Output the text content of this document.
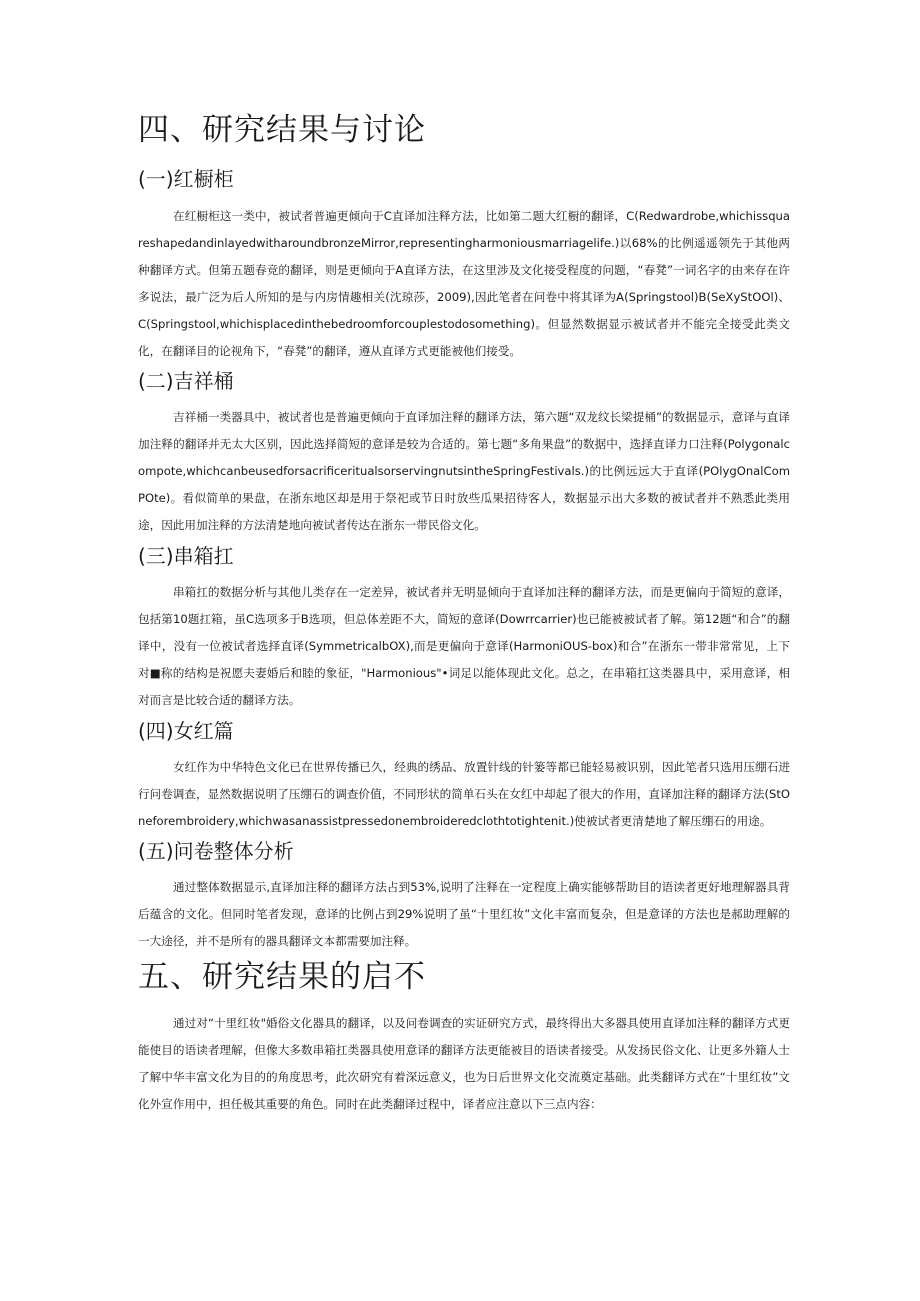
四、研究结果与讨论
(一)红橱柜

在红橱柜这一类中，被试者普遍更倾向于C直译加注释方法，比如第二题大红橱的翻译，C(Redwardrobe,whichissquareshapedandinlayedwitharoundbronzeMirror,representingharmoniousmarriagelife.)以68%的比例遥遥领先于其他两种翻译方式。但第五题春竞的翻译，则是更倾向于A直译方法，在这里涉及文化接受程度的问题，“春凳”一词名字的由来存在许多说法，最广泛为后人所知的是与内房情趣相关(沈琼莎，2009),因此笔者在问卷中将其译为A(Springstool)B(SeXyStOOl)、C(Springstool,whichisplacedinthebedroomforcouplestodosomething)。但显然数据显示被试者并不能完全接受此类文化，在翻译目的论视角下，“春凳”的翻译，遵从直译方式更能被他们接受。

(二)吉祥桶

吉祥桶一类器具中，被试者也是普遍更倾向于直译加注释的翻译方法，第六题“双龙纹长梁提桶”的数据显示，意译与直译加注释的翻译并无太大区别，因此选择简短的意译是较为合适的。第七题“多角果盘”的数据中，选择直译力口注释(Polygonalcompote,whichcanbeusedforsacrificeritualsorservingnutsintheSpringFestivals.)的比例远远大于直译(POlygOnalComPOte)。看似简单的果盘，在浙东地区却是用于祭祀或节日时放些瓜果招待客人，数据显示出大多数的被试者并不熟悉此类用途，因此用加注释的方法清楚地向被试者传达在浙东一带民俗文化。

(三)串箱扛

串箱扛的数据分析与其他儿类存在一定差异，被试者并无明显倾向于直译加注释的翻译方法，而是更偏向于简短的意译，包括第10题扛箱，虽C选项多于B选项，但总体差距不大，简短的意译(Dowrrcarrier)也已能被被试者了解。第12题“和合”的翻译中，没有一位被试者选择直译(SymmetricalbOX),而是更偏向于意译(HarmoniOUS-box)和合”在浙东一带非常常见，上下对■称的结构是祝愿夫妻婚后和睦的象征，"Harmonious"•词足以能体现此文化。总之，在串箱扛这类器具中，采用意译，相对而言是比较合适的翻译方法。

(四)女红篇

女红作为中华特色文化已在世界传播已久，经典的绣品、放置针线的针篓等都已能轻易被识别，因此笔者只选用压绷石进行问卷调查，显然数据说明了压绷石的调查价值，不同形状的简单石头在女红中却起了很大的作用，直译加注释的翻译方法(StOneforembroidery,whichwasanassistpressedonembroideredclothtotightenit.)使被试者更清楚地了解压绷石的用途。

(五)问卷整体分析

通过整体数据显示,直译加注释的翻译方法占到53%,说明了注释在一定程度上确实能够帮助目的语读者更好地理解器具背后蕴含的文化。但同时笔者发现，意译的比例占到29%说明了虽“十里红妆”文化丰富而复杂，但是意译的方法也是郝助理解的一大途径，并不是所有的器具翻译文本都需要加注释。

五、研究结果的启不

通过对“十里红妆"婚俗文化器具的翻译，以及问卷调查的实证研究方式，最终得出大多器具使用直译加注释的翻译方式更能使目的语读者理解，但像大多数串箱扛类器具使用意译的翻译方法更能被目的语读者接受。从发扬民俗文化、让更多外籍人士了解中华丰富文化为目的的角度思考，此次研究有着深远意义，也为日后世界文化交流奠定基础。此类翻译方式在“十里红妆”文化外宣作用中，担任极其重要的角色。同时在此类翻译过程中，译者应注意以下三点内容：
